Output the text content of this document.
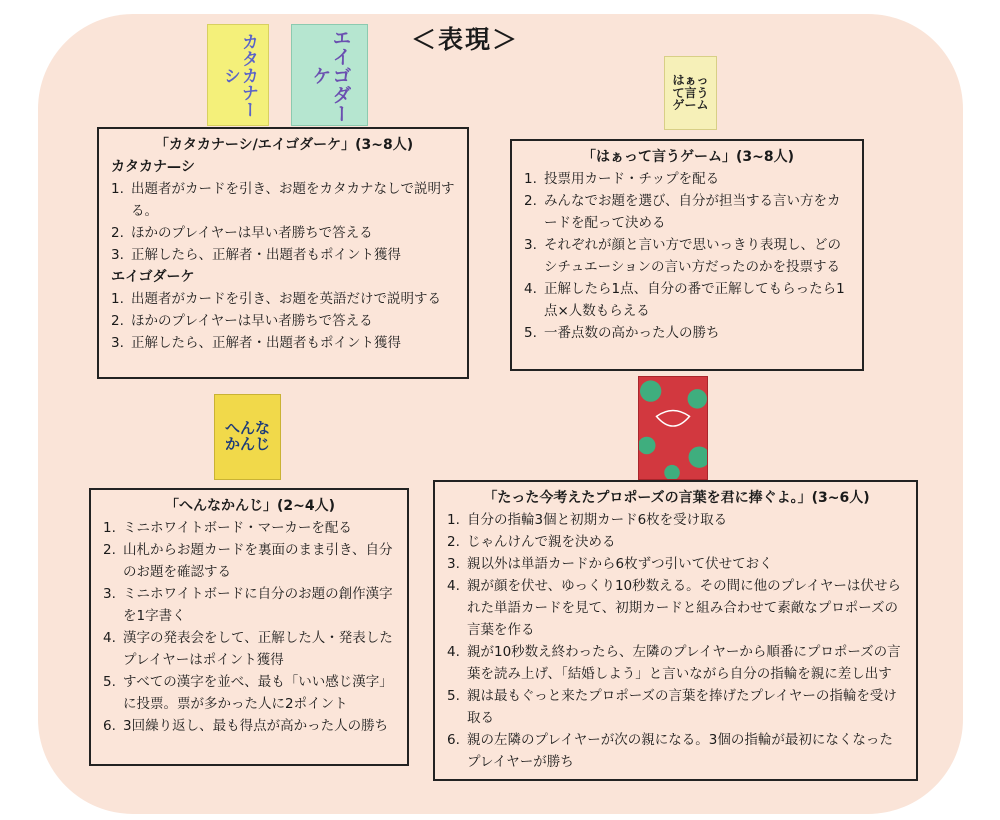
＜表現＞
カタカナーシ	エイゴダーケ	はぁって言うゲーム
へんなかんじ
「カタカナーシ/エイゴダーケ」(3~8人)
カタカナ—シ
1. 出題者がカードを引き、お題をカタカナなしで説明する。
2. ほかのプレイヤーは早い者勝ちで答える
3. 正解したら、正解者・出題者もポイント獲得
エイゴダーケ
1. 出題者がカードを引き、お題を英語だけで説明する
2. ほかのプレイヤーは早い者勝ちで答える
3. 正解したら、正解者・出題者もポイント獲得
「はぁって言うゲーム」(3~8人)
1. 投票用カード・チップを配る
2. みんなでお題を選び、自分が担当する言い方をカードを配って決める
3. それぞれが顔と言い方で思いっきり表現し、どのシチュエーションの言い方だったのかを投票する
4. 正解したら1点、自分の番で正解してもらったら1点×人数もらえる
5. 一番点数の高かった人の勝ち
「へんなかんじ」(2~4人)
1. ミニホワイトボード・マーカーを配る
2. 山札からお題カードを裏面のまま引き、自分のお題を確認する
3. ミニホワイトボードに自分のお題の創作漢字を1字書く
4. 漢字の発表会をして、正解した人・発表したプレイヤーはポイント獲得
5. すべての漢字を並べ、最も「いい感じ漢字」に投票。票が多かった人に2ポイント
6. 3回繰り返し、最も得点が高かった人の勝ち
「たった今考えたプロポーズの言葉を君に捧ぐよ。」(3~6人)
1. 自分の指輪3個と初期カード6枚を受け取る
2. じゃんけんで親を決める
3. 親以外は単語カードから6枚ずつ引いて伏せておく
4. 親が顔を伏せ、ゆっくり10秒数える。その間に他のプレイヤーは伏せられた単語カードを見て、初期カードと組み合わせて素敵なプロポーズの言葉を作る
4. 親が10秒数え終わったら、左隣のプレイヤーから順番にプロポーズの言葉を読み上げ、「結婚しよう」と言いながら自分の指輪を親に差し出す
5. 親は最もぐっと来たプロポーズの言葉を捧げたプレイヤーの指輪を受け取る
6. 親の左隣のプレイヤーが次の親になる。3個の指輪が最初になくなったプレイヤーが勝ち
